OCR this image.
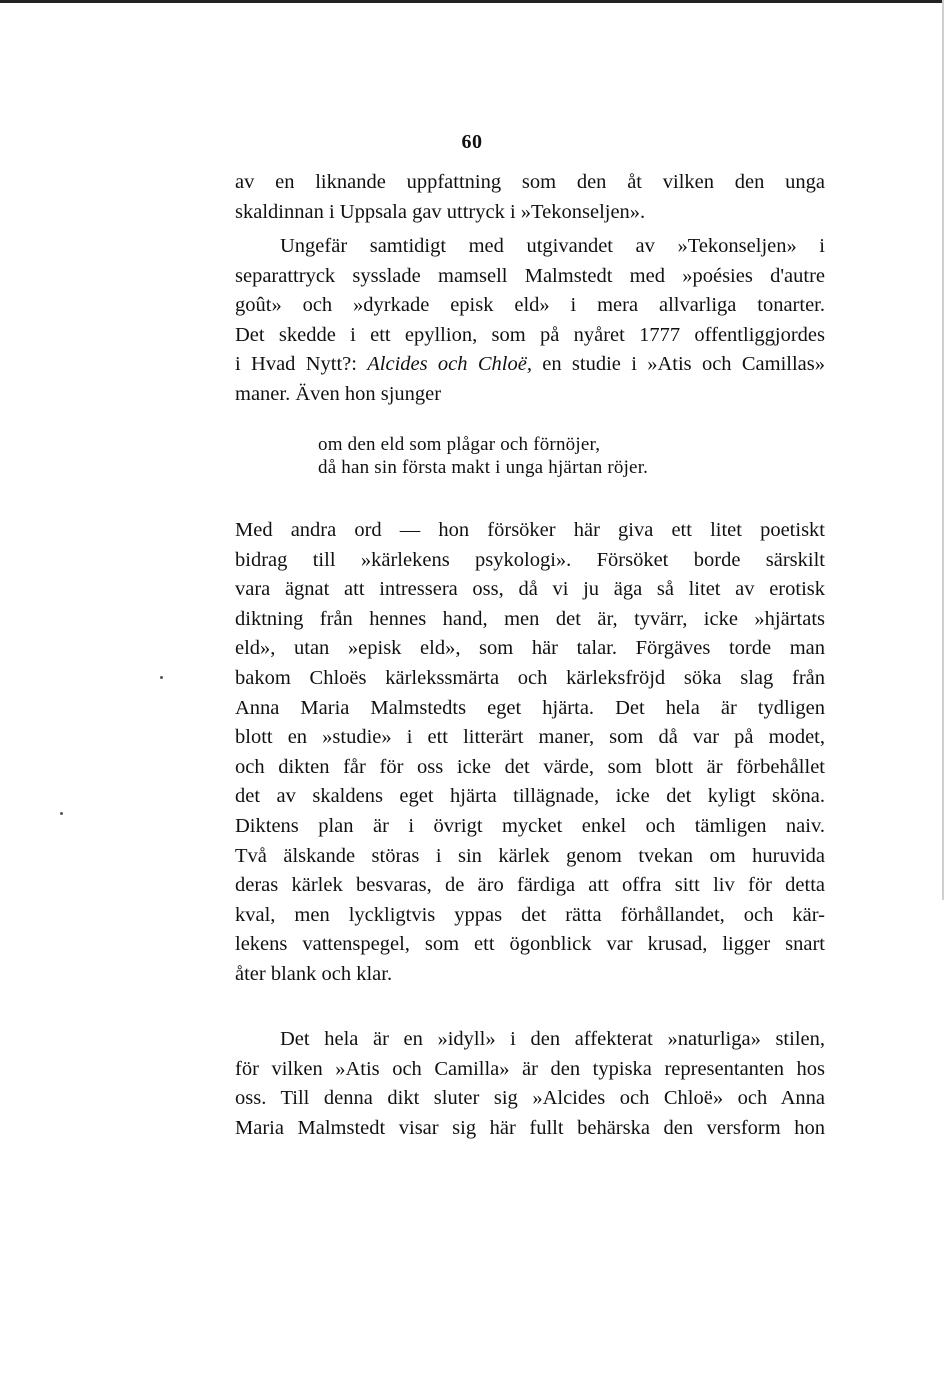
60
av en liknande uppfattning som den åt vilken den unga
skaldinnan i Uppsala gav uttryck i »Tekonseljen».
Ungefär samtidigt med utgivandet av »Tekonseljen» i
separattryck sysslade mamsell Malmstedt med »poésies d'autre
goût» och »dyrkade episk eld» i mera allvarliga tonarter.
Det skedde i ett epyllion, som på nyåret 1777 offentliggjordes
i Hvad Nytt?: Alcides och Chloë, en studie i »Atis och Camillas»
maner. Även hon sjunger
om den eld som plågar och förnöjer,
då han sin första makt i unga hjärtan röjer.
Med andra ord — hon försöker här giva ett litet poetiskt
bidrag till »kärlekens psykologi». Försöket borde särskilt
vara ägnat att intressera oss, då vi ju äga så litet av erotisk
diktning från hennes hand, men det är, tyvärr, icke »hjärtats
eld», utan »episk eld», som här talar. Förgäves torde man
bakom Chloës kärlekssmärta och kärleksfröjd söka slag från
Anna Maria Malmstedts eget hjärta. Det hela är tydligen
blott en »studie» i ett litterärt maner, som då var på modet,
och dikten får för oss icke det värde, som blott är förbehållet
det av skaldens eget hjärta tillägnade, icke det kyligt sköna.
Diktens plan är i övrigt mycket enkel och tämligen naiv.
Två älskande störas i sin kärlek genom tvekan om huruvida
deras kärlek besvaras, de äro färdiga att offra sitt liv för detta
kval, men lyckligtvis yppas det rätta förhållandet, och kär-
lekens vattenspegel, som ett ögonblick var krusad, ligger snart
åter blank och klar.
Det hela är en »idyll» i den affekterat »naturliga» stilen,
för vilken »Atis och Camilla» är den typiska representanten hos
oss. Till denna dikt sluter sig »Alcides och Chloë» och Anna
Maria Malmstedt visar sig här fullt behärska den versform hon
